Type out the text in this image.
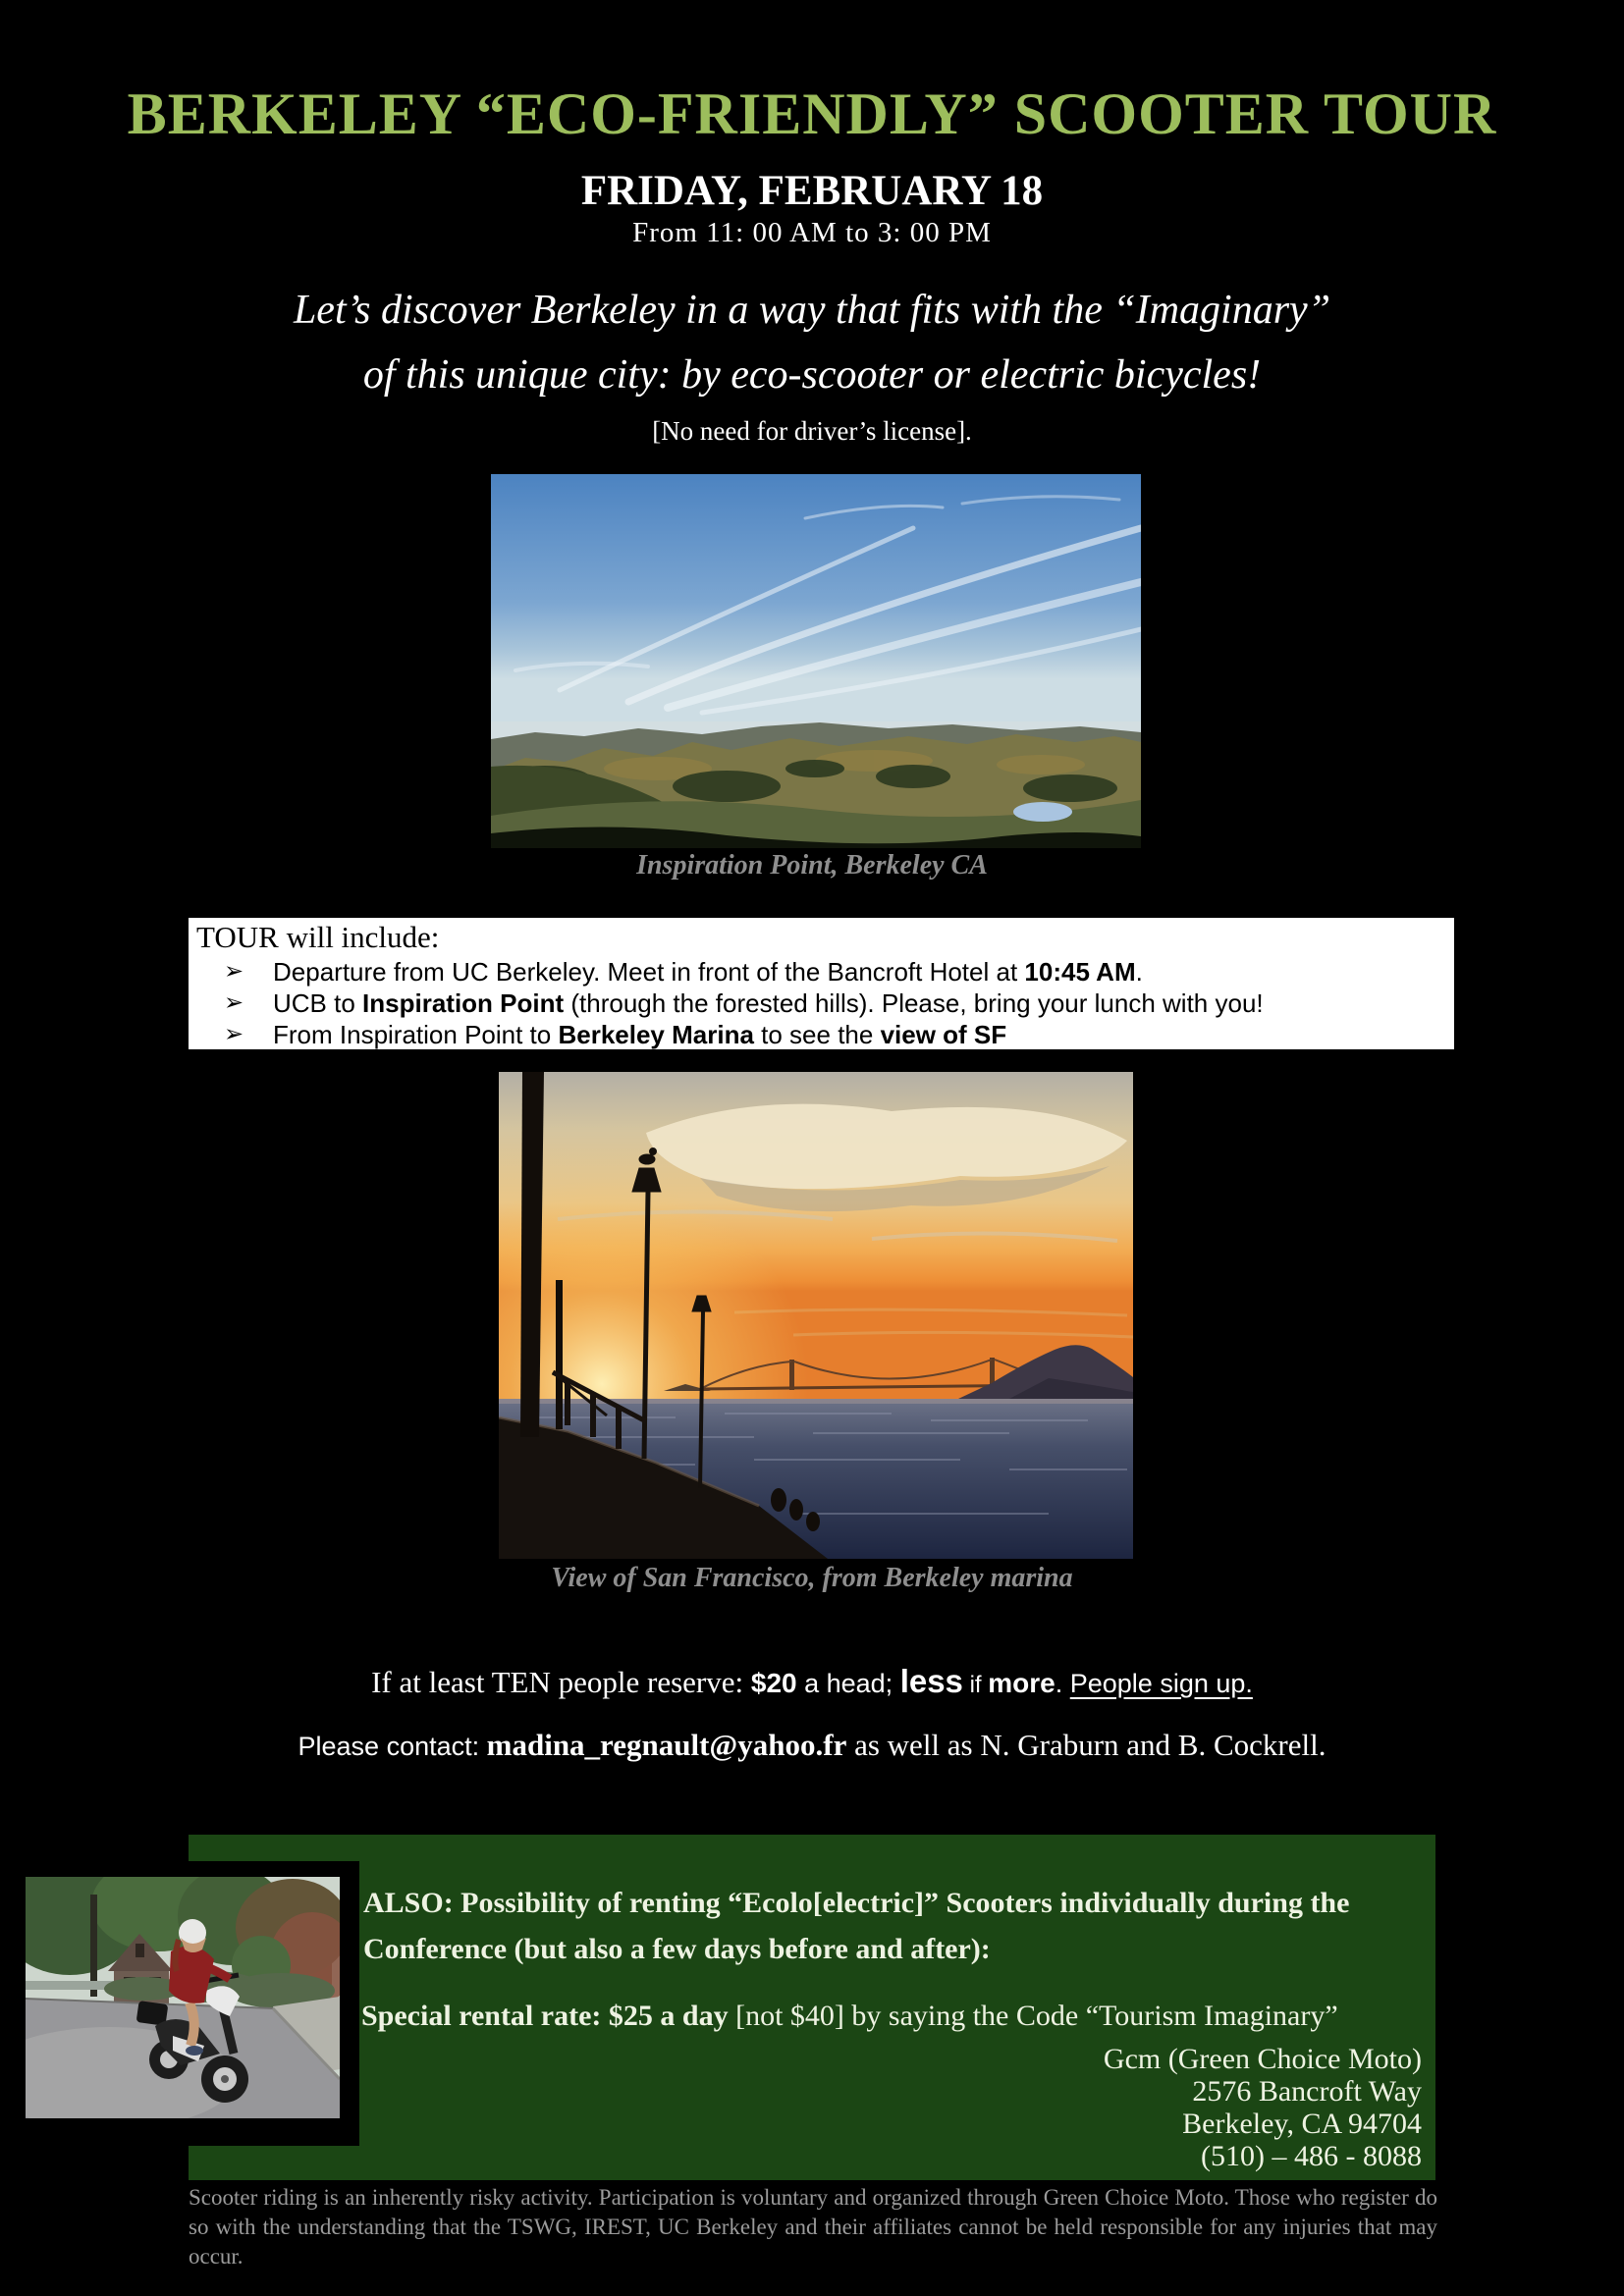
BERKELEY “ECO-FRIENDLY” SCOOTER TOUR
FRIDAY, FEBRUARY 18
From 11: 00 AM to 3: 00 PM
Let’s discover Berkeley in a way that fits with the “Imaginary”
of this unique city: by eco-scooter or electric bicycles!
[No need for driver’s license].
Inspiration Point, Berkeley CA
TOUR will include:
➢ Departure from UC Berkeley. Meet in front of the Bancroft Hotel at 10:45 AM.
➢ UCB to Inspiration Point (through the forested hills). Please, bring your lunch with you!
➢ From Inspiration Point to Berkeley Marina to see the view of SF
View of San Francisco, from Berkeley marina
If at least TEN people reserve: $20 a head; less if more. People sign up.
Please contact: madina_regnault@yahoo.fr as well as N. Graburn and B. Cockrell.
ALSO: Possibility of renting “Ecolo[electric]” Scooters individually during the Conference (but also a few days before and after):
Special rental rate: $25 a day [not $40] by saying the Code “Tourism Imaginary”
Gcm (Green Choice Moto)
2576 Bancroft Way
Berkeley, CA 94704
(510) – 486 - 8088
Scooter riding is an inherently risky activity. Participation is voluntary and organized through Green Choice Moto. Those who register do so with the understanding that the TSWG, IREST, UC Berkeley and their affiliates cannot be held responsible for any injuries that may occur.
